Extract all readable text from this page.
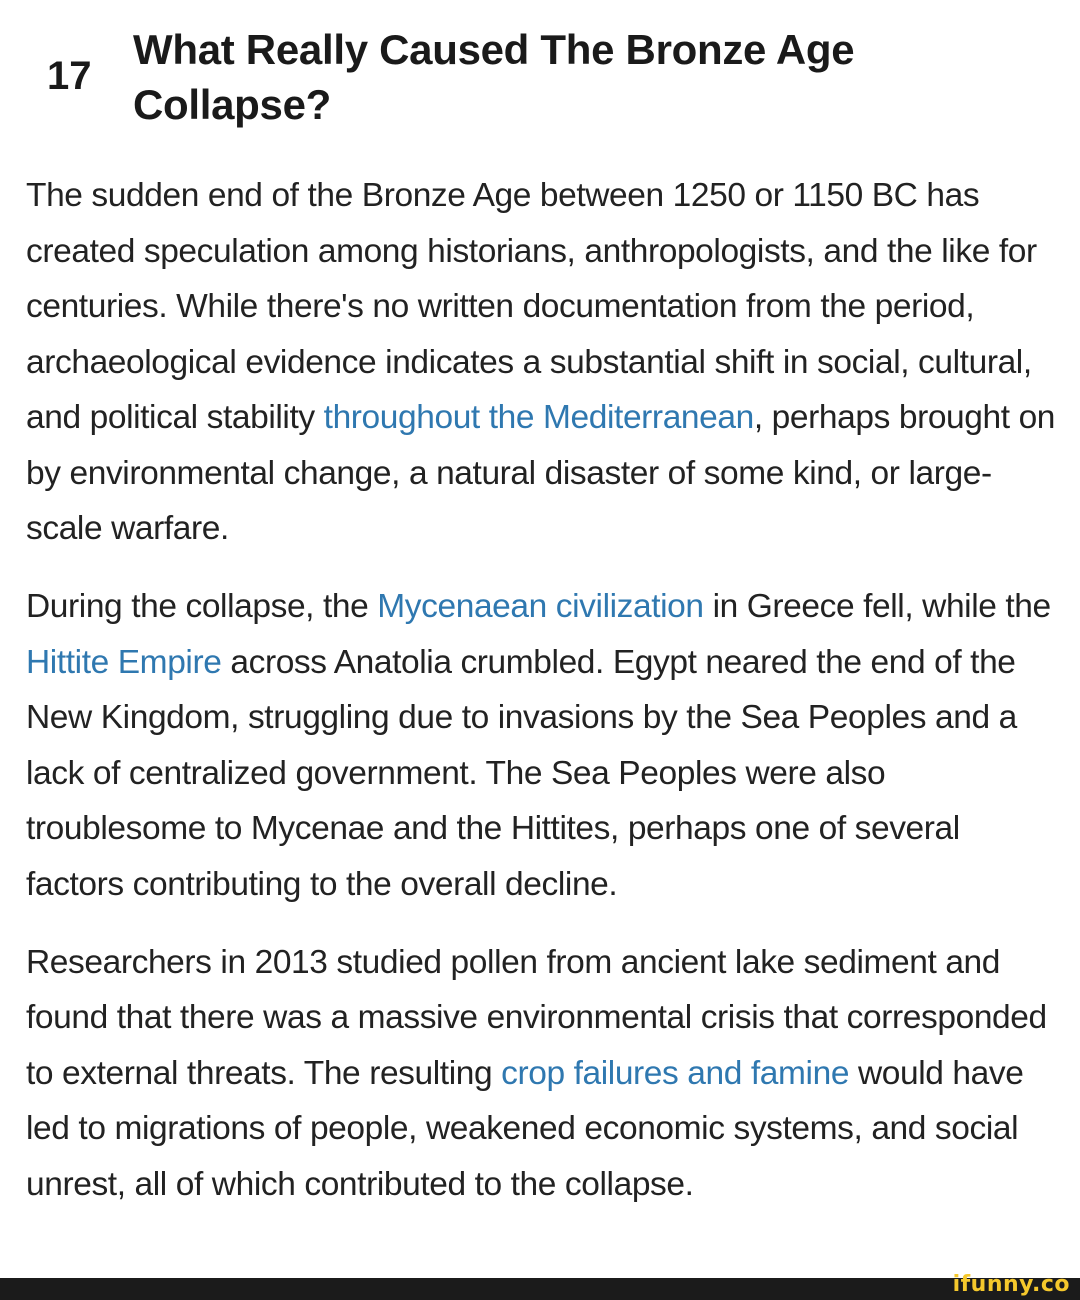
17
What Really Caused The Bronze Age Collapse?

The sudden end of the Bronze Age between 1250 or 1150 BC has created speculation among historians, anthropologists, and the like for centuries. While there's no written documentation from the period, archaeological evidence indicates a substantial shift in social, cultural, and political stability throughout the Mediterranean, perhaps brought on by environmental change, a natural disaster of some kind, or large-scale warfare.

During the collapse, the Mycenaean civilization in Greece fell, while the Hittite Empire across Anatolia crumbled. Egypt neared the end of the New Kingdom, struggling due to invasions by the Sea Peoples and a lack of centralized government. The Sea Peoples were also troublesome to Mycenae and the Hittites, perhaps one of several factors contributing to the overall decline.

Researchers in 2013 studied pollen from ancient lake sediment and found that there was a massive environmental crisis that corresponded to external threats. The resulting crop failures and famine would have led to migrations of people, weakened economic systems, and social unrest, all of which contributed to the collapse.

ifunny.co
